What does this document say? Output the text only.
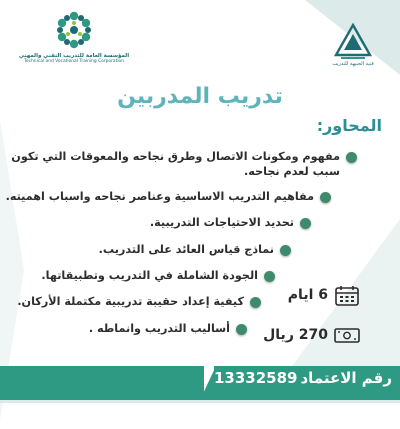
المؤسسة العامة للتدريب التقني والمهني
Technical and Vocational Training Corporation	فتية الجبيهة للتدريب
تدريب المدربين
المحاور:
مفهوم ومكونات الاتصال وطرق نجاحه والمعوقات التي تكون
سبب لعدم نجاحه.
مفاهيم التدريب الاساسية وعناصر نجاحه واسباب اهميته.
تحديد الاحتياجات التدريبية.
نماذج قياس العائد على التدريب.
الجودة الشاملة في التدريب وتطبيقاتها.
كيفية إعداد حقيبة تدريبية مكتملة الأركان.
أساليب التدريب وانماطه .
6 ايام
270 ريال
رقم الاعتماد
13332589
